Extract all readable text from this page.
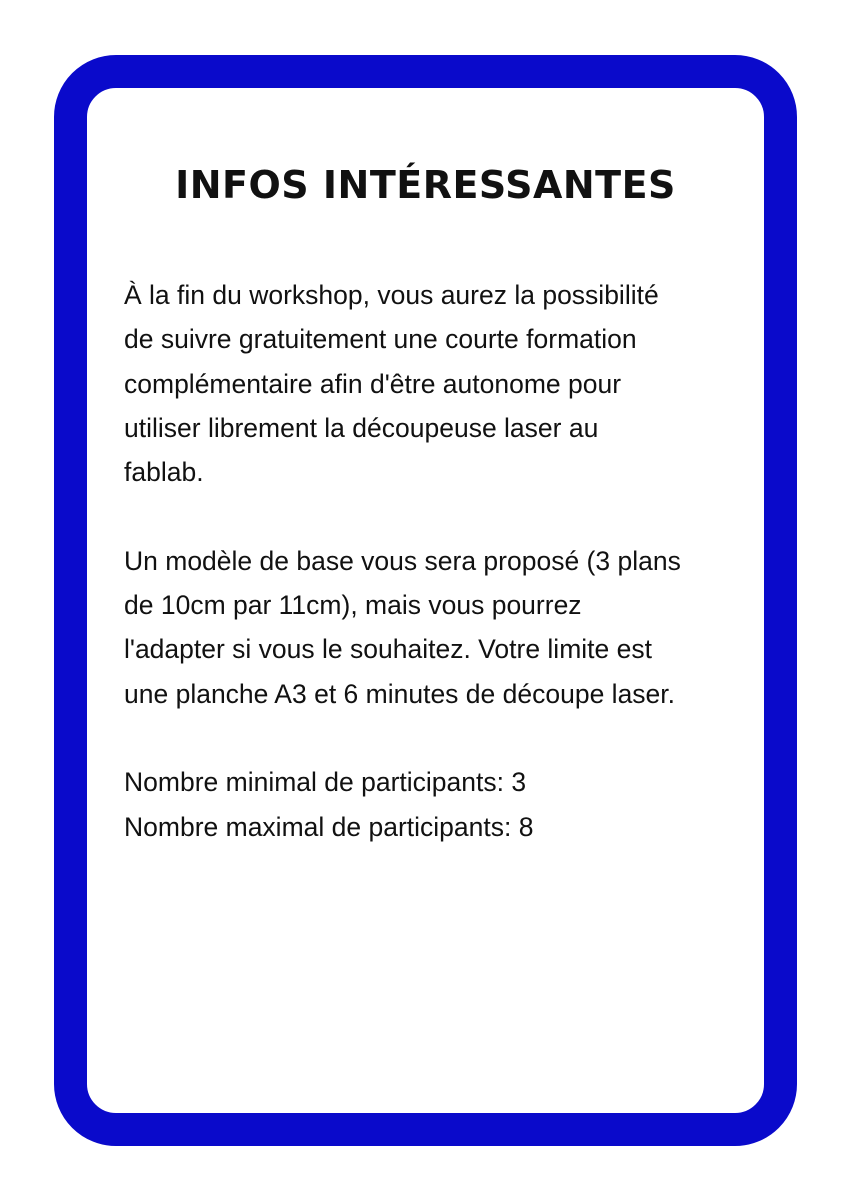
INFOS INTÉRESSANTES

À la fin du workshop, vous aurez la possibilité
de suivre gratuitement une courte formation
complémentaire afin d'être autonome pour
utiliser librement la découpeuse laser au
fablab.

Un modèle de base vous sera proposé (3 plans
de 10cm par 11cm), mais vous pourrez
l'adapter si vous le souhaitez. Votre limite est
une planche A3 et 6 minutes de découpe laser.

Nombre minimal de participants: 3
Nombre maximal de participants: 8
